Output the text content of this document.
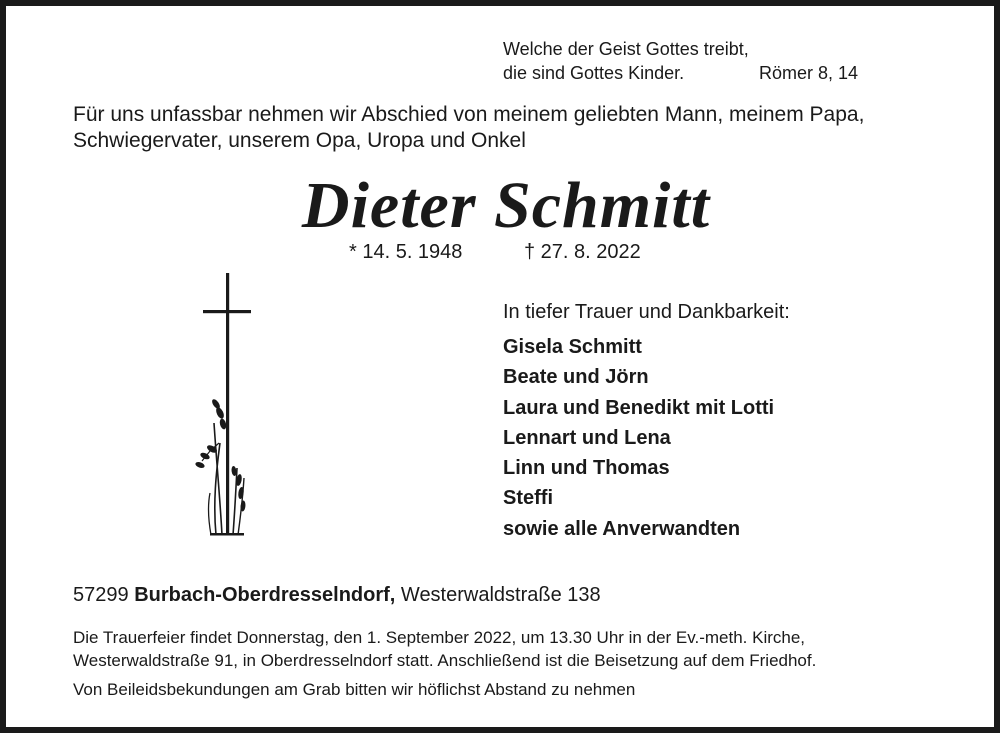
Welche der Geist Gottes treibt,
die sind Gottes Kinder.	Römer 8, 14
Für uns unfassbar nehmen wir Abschied von meinem geliebten Mann, meinem Papa,
Schwiegervater, unserem Opa, Uropa und Onkel
Dieter Schmitt
* 14. 5. 1948	† 27. 8. 2022
In tiefer Trauer und Dankbarkeit:
Gisela Schmitt
Beate und Jörn
Laura und Benedikt mit Lotti
Lennart und Lena
Linn und Thomas
Steffi
sowie alle Anverwandten
57299 Burbach-Oberdresselndorf, Westerwaldstraße 138
Die Trauerfeier findet Donnerstag, den 1. September 2022, um 13.30 Uhr in der Ev.-meth. Kirche,
Westerwaldstraße 91, in Oberdresselndorf statt. Anschließend ist die Beisetzung auf dem Friedhof.
Von Beileidsbekundungen am Grab bitten wir höflichst Abstand zu nehmen
